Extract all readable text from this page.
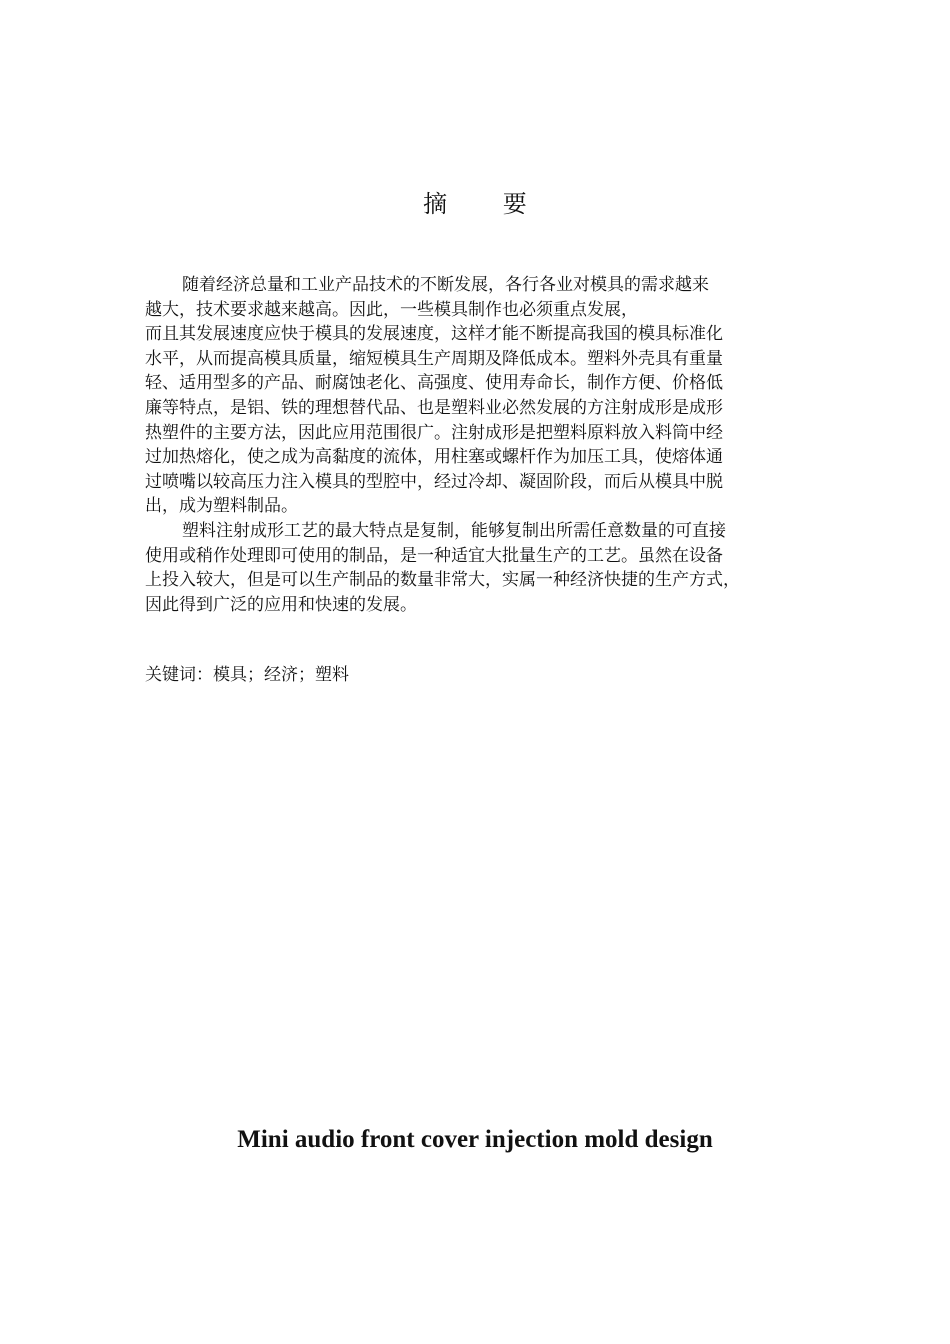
摘 要

随着经济总量和工业产品技术的不断发展，各行各业对模具的需求越来

越大，技术要求越来越高。因此，一些模具制作也必须重点发展，

而且其发展速度应快于模具的发展速度，这样才能不断提高我国的模具标准化

水平，从而提高模具质量，缩短模具生产周期及降低成本。塑料外壳具有重量

轻、适用型多的产品、耐腐蚀老化、高强度、使用寿命长，制作方便、价格低

廉等特点，是铝、铁的理想替代品、也是塑料业必然发展的方注射成形是成形

热塑件的主要方法，因此应用范围很广。注射成形是把塑料原料放入料筒中经

过加热熔化，使之成为高黏度的流体，用柱塞或螺杆作为加压工具，使熔体通

过喷嘴以较高压力注入模具的型腔中，经过冷却、凝固阶段，而后从模具中脱

出，成为塑料制品。

塑料注射成形工艺的最大特点是复制，能够复制出所需任意数量的可直接

使用或稍作处理即可使用的制品，是一种适宜大批量生产的工艺。虽然在设备

上投入较大，但是可以生产制品的数量非常大，实属一种经济快捷的生产方式，

因此得到广泛的应用和快速的发展。

关键词：模具；经济；塑料
Mini audio front cover injection mold design
